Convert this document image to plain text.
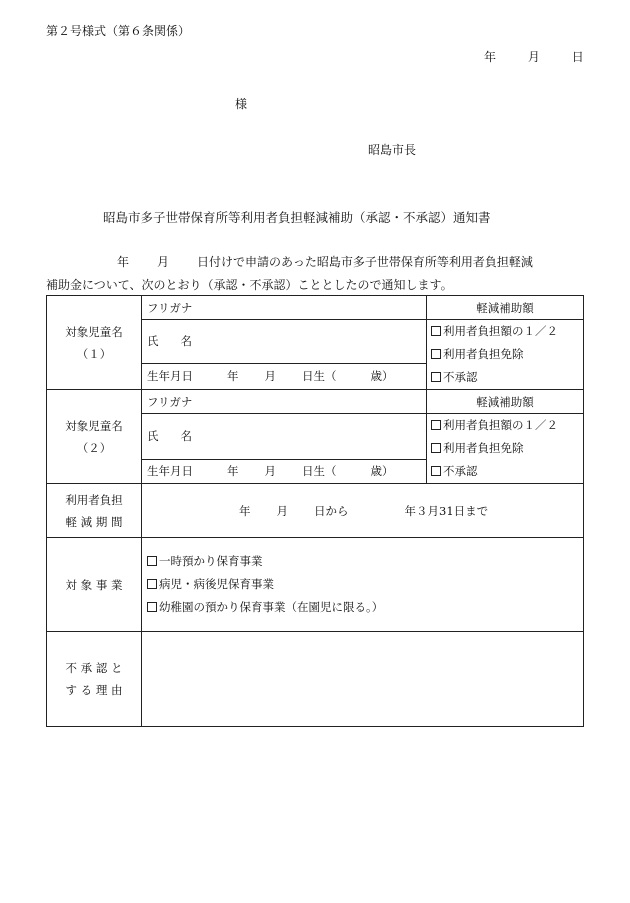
第２号様式（第６条関係）
年	月	日
様
昭島市長
昭島市多子世帯保育所等利用者負担軽減補助（承認・不承認）通知書
年 月 日付けで申請のあった昭島市多子世帯保育所等利用者負担軽減
補助金について、次のとおり（承認・不承認）こととしたので通知します。
対象児童名
（１）	フリガナ	軽減補助額
	氏 名	利用者負担額の１／２
利用者負担免除
不承認

	生年月日 年 月 日生（ 歳）	

対象児童名
（２）	フリガナ	軽減補助額
	氏 名	利用者負担額の１／２
利用者負担免除
不承認

	生年月日 年 月 日生（ 歳）	

利用者負担
軽 減 期 間	年 月 日から 年３月31日まで	
対 象 事 業	一時預かり保育事業
病児・病後児保育事業
幼稚園の預かり保育事業（在園児に限る。）	

不 承 認 と
す る 理 由		
